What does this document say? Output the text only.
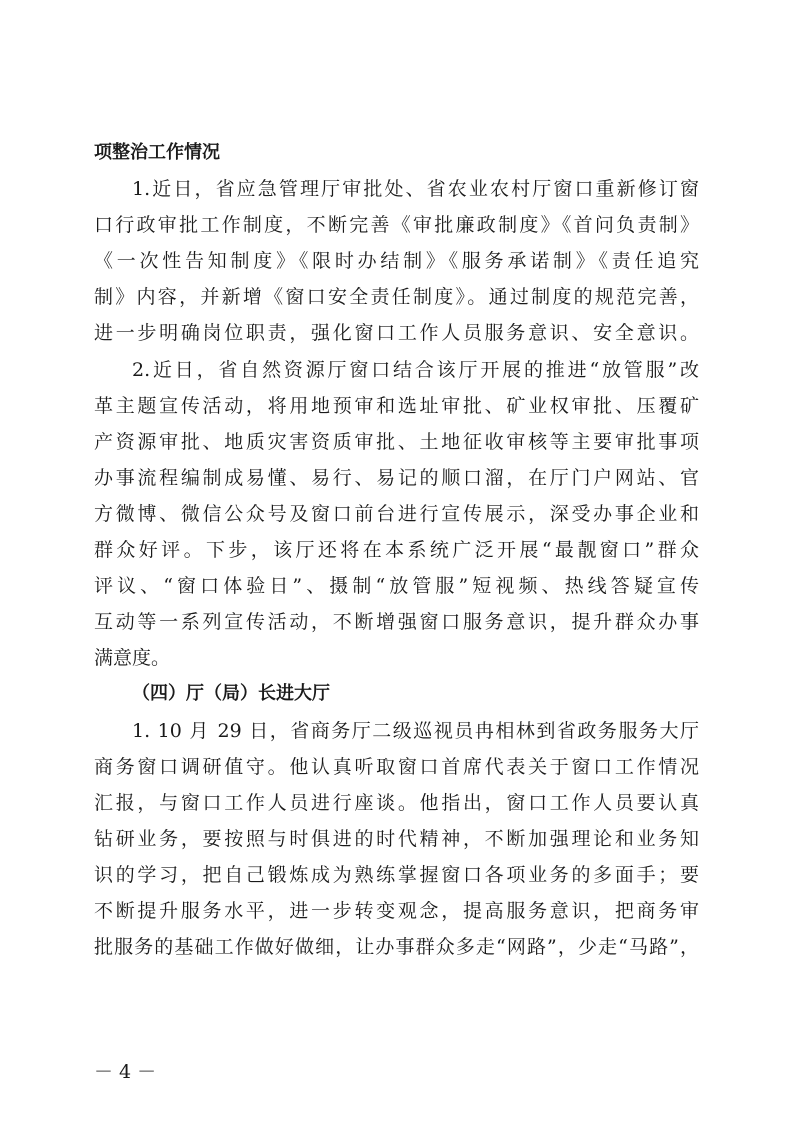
项整治工作情况
1.近日，省应急管理厅审批处、省农业农村厅窗口重新修订窗
口行政审批工作制度，不断完善《审批廉政制度》《首问负责制》
《一次性告知制度》《限时办结制》《服务承诺制》《责任追究
制》内容，并新增《窗口安全责任制度》。通过制度的规范完善，
进一步明确岗位职责，强化窗口工作人员服务意识、安全意识。
2.近日，省自然资源厅窗口结合该厅开展的推进“放管服”改
革主题宣传活动，将用地预审和选址审批、矿业权审批、压覆矿
产资源审批、地质灾害资质审批、土地征收审核等主要审批事项
办事流程编制成易懂、易行、易记的顺口溜，在厅门户网站、官
方微博、微信公众号及窗口前台进行宣传展示，深受办事企业和
群众好评。下步，该厅还将在本系统广泛开展“最靓窗口”群众
评议、“窗口体验日”、摄制“放管服”短视频、热线答疑宣传
互动等一系列宣传活动，不断增强窗口服务意识，提升群众办事
满意度。
（四）厅（局）长进大厅
1. 10 月 29 日，省商务厅二级巡视员冉相林到省政务服务大厅
商务窗口调研值守。他认真听取窗口首席代表关于窗口工作情况
汇报，与窗口工作人员进行座谈。他指出，窗口工作人员要认真
钻研业务，要按照与时俱进的时代精神，不断加强理论和业务知
识的学习，把自己锻炼成为熟练掌握窗口各项业务的多面手；要
不断提升服务水平，进一步转变观念，提高服务意识，把商务审
批服务的基础工作做好做细，让办事群众多走“网路”，少走“马路”，
－ 4 －
